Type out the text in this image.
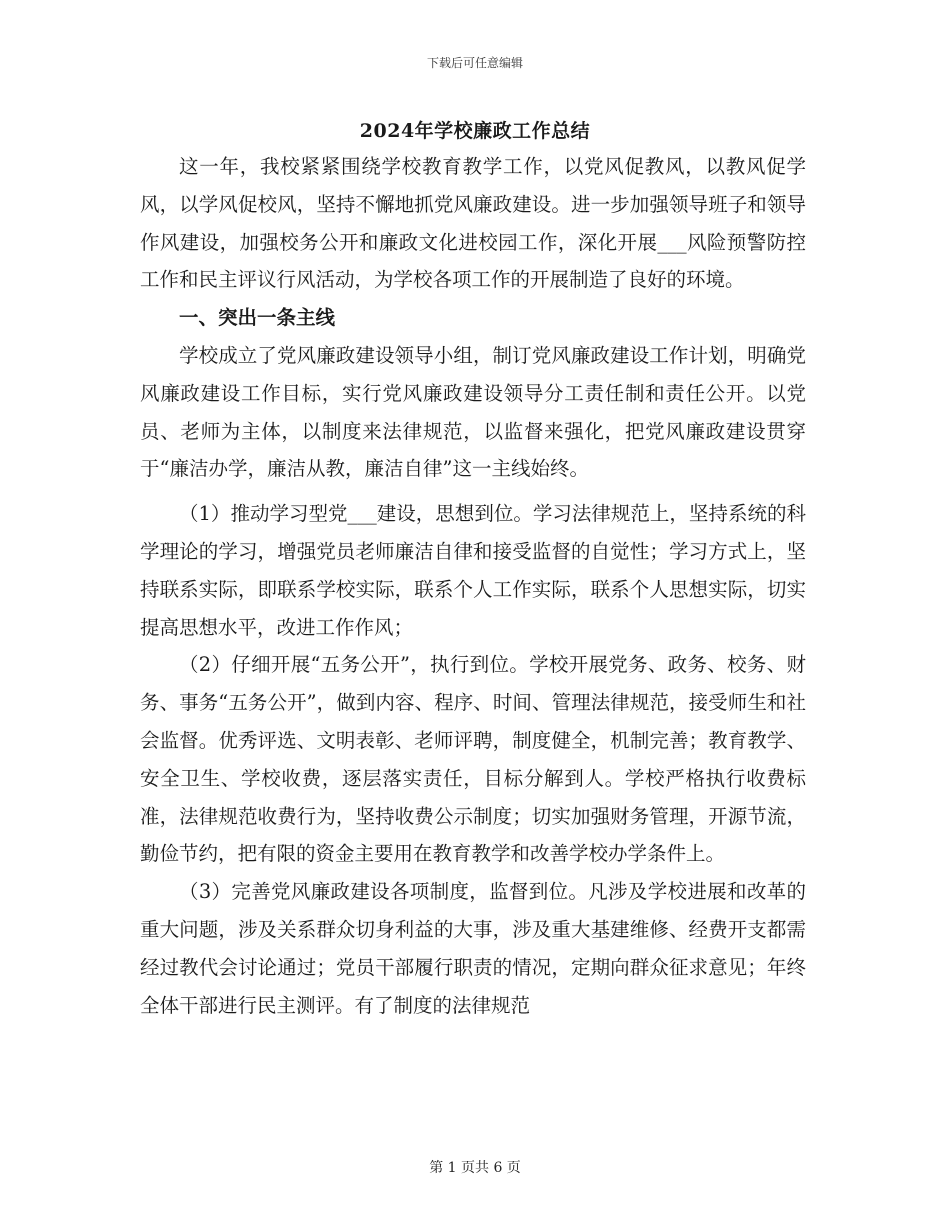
下载后可任意编辑
2024年学校廉政工作总结

这一年，我校紧紧围绕学校教育教学工作，以党风促教风，以教风促学风，以学风促校风，坚持不懈地抓党风廉政建设。进一步加强领导班子和领导作风建设，加强校务公开和廉政文化进校园工作，深化开展___风险预警防控工作和民主评议行风活动，为学校各项工作的开展制造了良好的环境。

一、突出一条主线

学校成立了党风廉政建设领导小组，制订党风廉政建设工作计划，明确党风廉政建设工作目标，实行党风廉政建设领导分工责任制和责任公开。以党员、老师为主体，以制度来法律规范，以监督来强化，把党风廉政建设贯穿于“廉洁办学，廉洁从教，廉洁自律”这一主线始终。

（1）推动学习型党___建设，思想到位。学习法律规范上，坚持系统的科学理论的学习，增强党员老师廉洁自律和接受监督的自觉性；学习方式上，坚持联系实际，即联系学校实际，联系个人工作实际，联系个人思想实际，切实提高思想水平，改进工作作风；

（2）仔细开展“五务公开”，执行到位。学校开展党务、政务、校务、财务、事务“五务公开”，做到内容、程序、时间、管理法律规范，接受师生和社会监督。优秀评选、文明表彰、老师评聘，制度健全，机制完善；教育教学、安全卫生、学校收费，逐层落实责任，目标分解到人。学校严格执行收费标准，法律规范收费行为，坚持收费公示制度；切实加强财务管理，开源节流，勤俭节约，把有限的资金主要用在教育教学和改善学校办学条件上。

（3）完善党风廉政建设各项制度，监督到位。凡涉及学校进展和改革的重大问题，涉及关系群众切身利益的大事，涉及重大基建维修、经费开支都需经过教代会讨论通过；党员干部履行职责的情况，定期向群众征求意见；年终全体干部进行民主测评。有了制度的法律规范

第 1 页共 6 页
